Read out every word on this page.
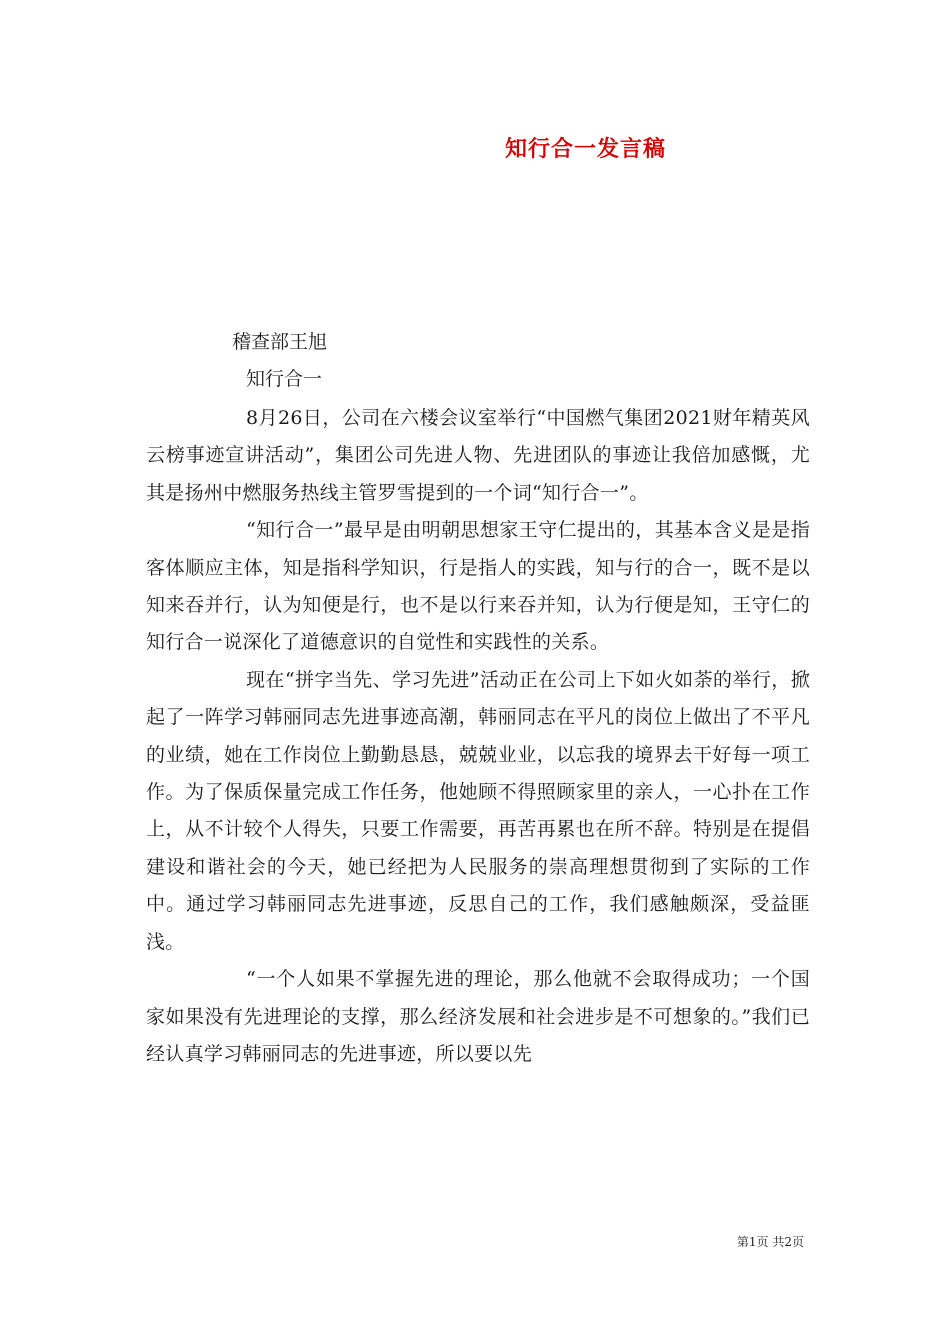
知行合一发言稿
稽查部王旭
知行合一

8月26日，公司在六楼会议室举行“中国燃气集团2021财年精英风云榜事迹宣讲活动”，集团公司先进人物、先进团队的事迹让我倍加感慨，尤其是扬州中燃服务热线主管罗雪提到的一个词“知行合一”。

“知行合一”最早是由明朝思想家王守仁提出的，其基本含义是是指客体顺应主体，知是指科学知识，行是指人的实践，知与行的合一，既不是以知来吞并行，认为知便是行，也不是以行来吞并知，认为行便是知，王守仁的知行合一说深化了道德意识的自觉性和实践性的关系。

现在“拼字当先、学习先进”活动正在公司上下如火如荼的举行，掀起了一阵学习韩丽同志先进事迹高潮，韩丽同志在平凡的岗位上做出了不平凡的业绩，她在工作岗位上勤勤恳恳，兢兢业业，以忘我的境界去干好每一项工作。为了保质保量完成工作任务，他她顾不得照顾家里的亲人，一心扑在工作上，从不计较个人得失，只要工作需要，再苦再累也在所不辞。特别是在提倡建设和谐社会的今天，她已经把为人民服务的崇高理想贯彻到了实际的工作中。通过学习韩丽同志先进事迹，反思自己的工作，我们感触颇深，受益匪浅。

“一个人如果不掌握先进的理论，那么他就不会取得成功；一个国家如果没有先进理论的支撑，那么经济发展和社会进步是不可想象的。”我们已经认真学习韩丽同志的先进事迹，所以要以先

第1页 共2页
